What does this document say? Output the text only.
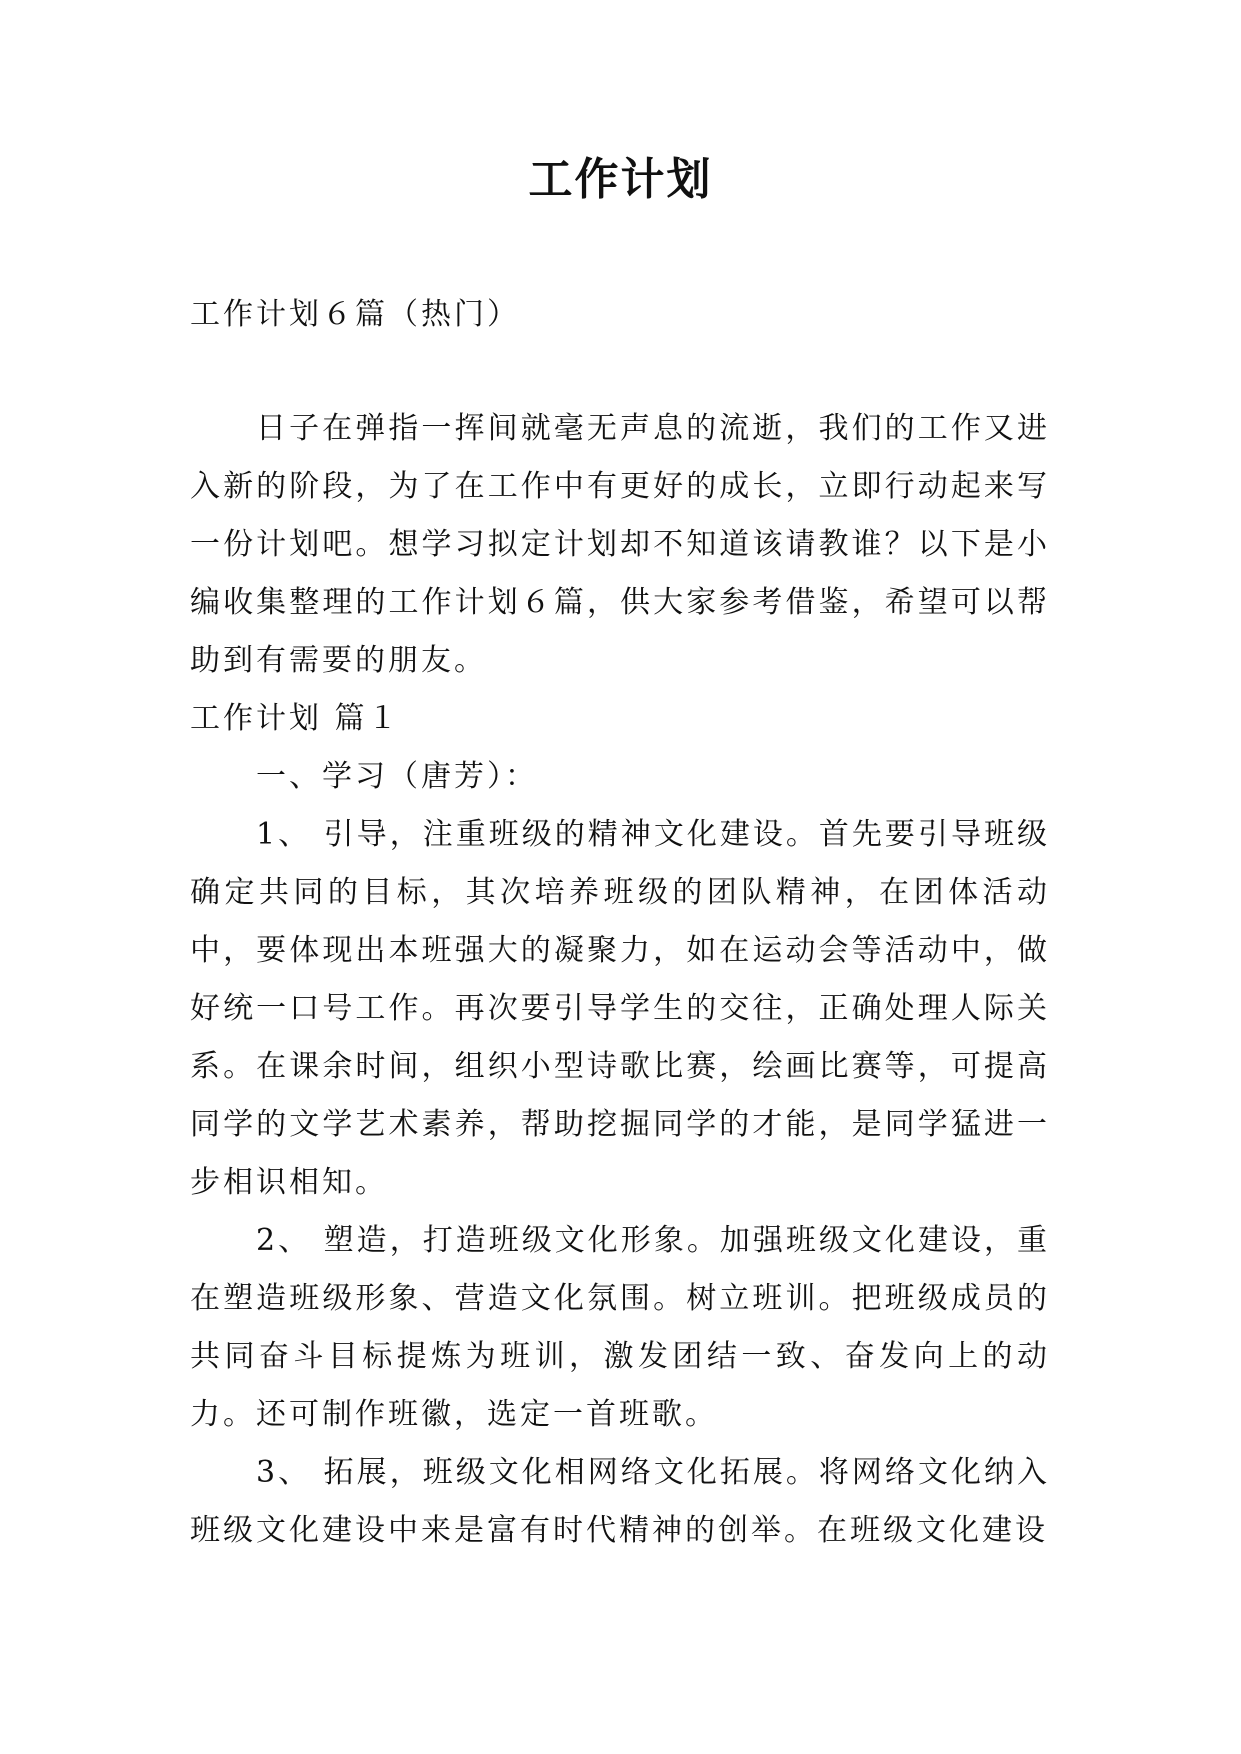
工作计划
工作计划６篇（热门）

日子在弹指一挥间就毫无声息的流逝，我们的工作又进入新的阶段，为了在工作中有更好的成长，立即行动起来写一份计划吧。想学习拟定计划却不知道该请教谁？以下是小编收集整理的工作计划６篇，供大家参考借鉴，希望可以帮助到有需要的朋友。

工作计划 篇１

一、学习（唐芳）：

1、 引导，注重班级的精神文化建设。首先要引导班级确定共同的目标，其次培养班级的团队精神，在团体活动中，要体现出本班强大的凝聚力，如在运动会等活动中，做好统一口号工作。再次要引导学生的交往，正确处理人际关系。在课余时间，组织小型诗歌比赛，绘画比赛等，可提高同学的文学艺术素养，帮助挖掘同学的才能，是同学猛进一步相识相知。

2、 塑造，打造班级文化形象。加强班级文化建设，重在塑造班级形象、营造文化氛围。树立班训。把班级成员的共同奋斗目标提炼为班训，激发团结一致、奋发向上的动力。还可制作班徽，选定一首班歌。

3、 拓展，班级文化相网络文化拓展。将网络文化纳入班级文化建设中来是富有时代精神的创举。在班级文化建设
